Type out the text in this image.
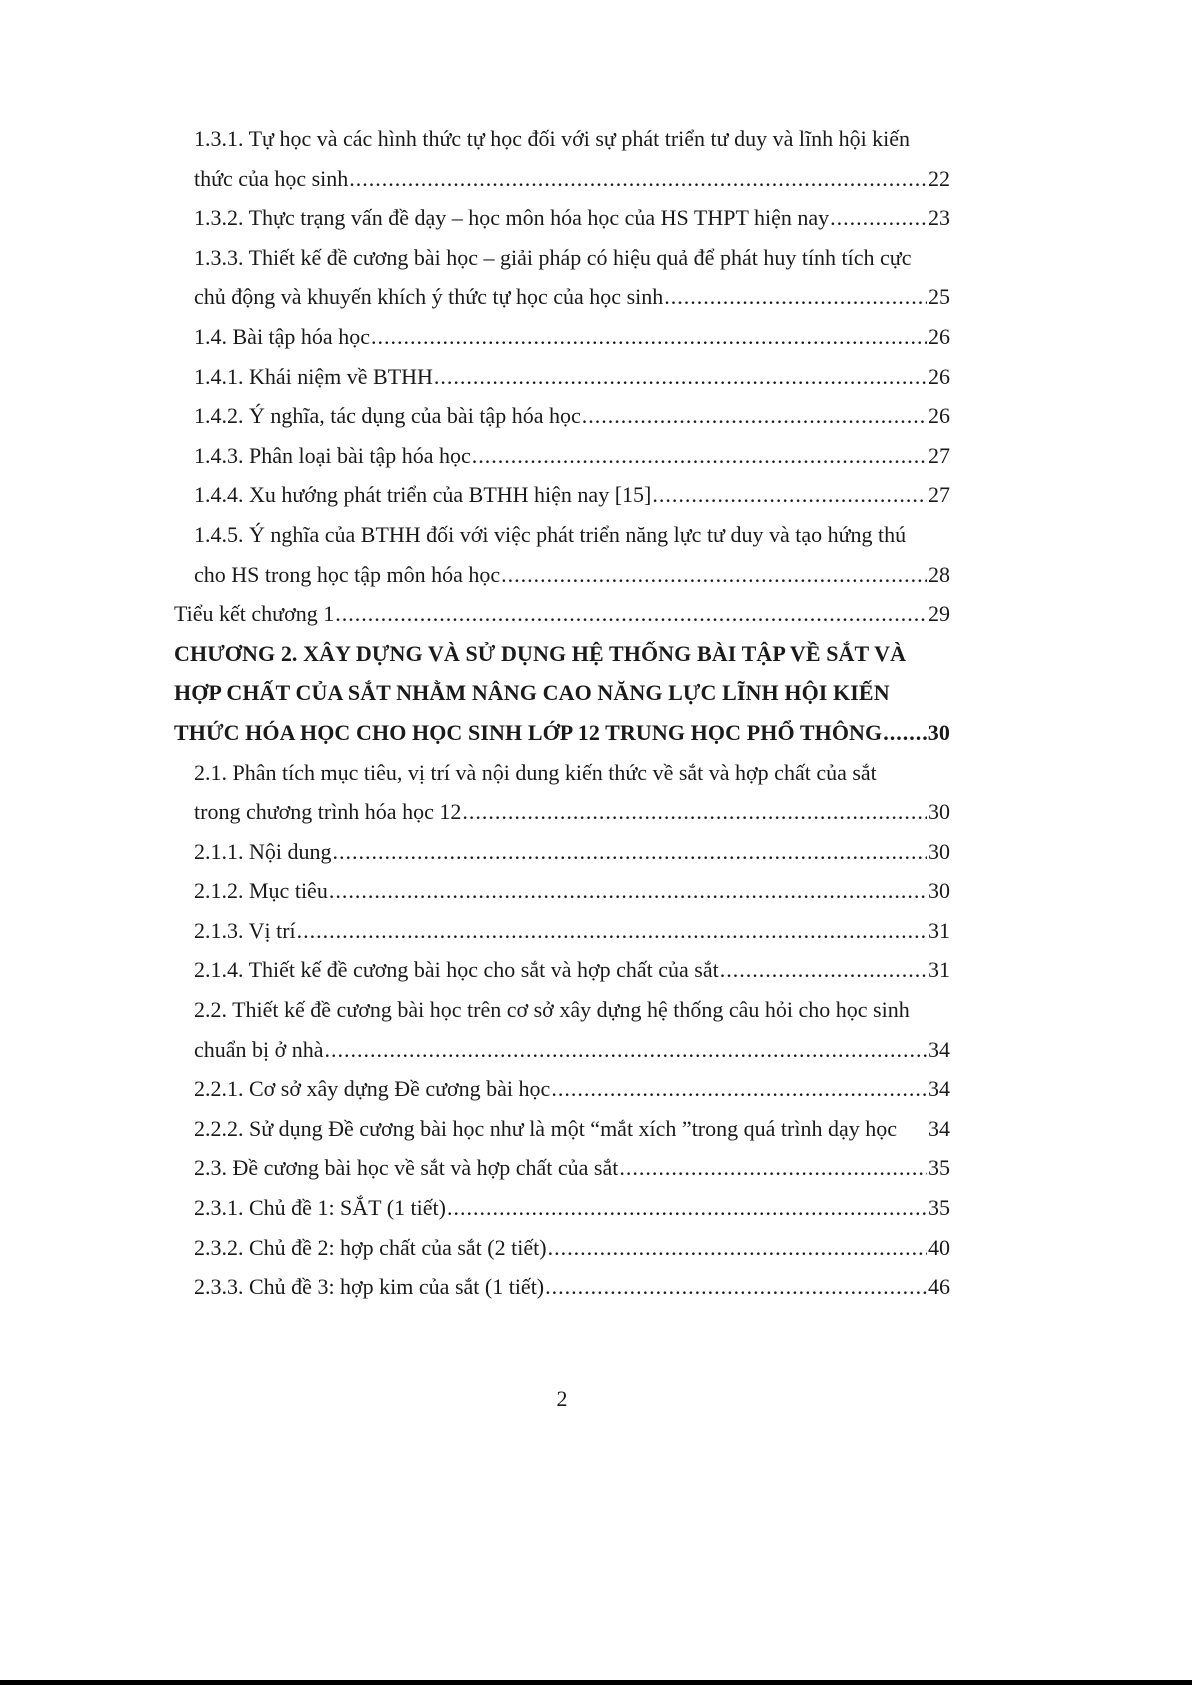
1.3.1. Tự học và các hình thức tự học đối với sự phát triển tư duy và lĩnh hội kiến
thức của học sinh .....	22
1.3.2. Thực trạng vấn đề dạy – học môn hóa học của HS THPT hiện nay .....	23
1.3.3. Thiết kế đề cương bài học – giải pháp có hiệu quả để phát huy tính tích cực
chủ động và khuyến khích ý thức tự học của học sinh .....	25
1.4. Bài tập hóa học .....	26
1.4.1. Khái niệm về BTHH .....	26
1.4.2. Ý nghĩa, tác dụng của bài tập hóa học .....	26
1.4.3. Phân loại bài tập hóa học .....	27
1.4.4. Xu hướng phát triển của BTHH hiện nay [15] .....	27
1.4.5. Ý nghĩa của BTHH đối với việc phát triển năng lực tư duy và tạo hứng thú
cho HS trong học tập môn hóa học .....	28
Tiểu kết chương 1 .....	29
CHƯƠNG 2. XÂY DỰNG VÀ SỬ DỤNG HỆ THỐNG BÀI TẬP VỀ SẮT VÀ
HỢP CHẤT CỦA SẮT NHẰM NÂNG CAO NĂNG LỰC LĨNH HỘI KIẾN
THỨC HÓA HỌC CHO HỌC SINH LỚP 12 TRUNG HỌC PHỔ THÔNG ..... 30
2.1. Phân tích mục tiêu, vị trí và nội dung kiến thức về sắt và hợp chất của sắt
trong chương trình hóa học 12 .....	30
2.1.1. Nội dung .....	30
2.1.2. Mục tiêu .....	30
2.1.3. Vị trí .....	31
2.1.4. Thiết kế đề cương bài học cho sắt và hợp chất của sắt .....	31
2.2. Thiết kế đề cương bài học trên cơ sở xây dựng hệ thống câu hỏi cho học sinh
chuẩn bị ở nhà .....	34
2.2.1. Cơ sở xây dựng Đề cương bài học .....	34
2.2.2. Sử dụng Đề cương bài học như là một “mắt xích ”trong quá trình dạy học 34
2.3. Đề cương bài học về sắt và hợp chất của sắt .....	35
2.3.1. Chủ đề 1: SẮT (1 tiết) .....	35
2.3.2. Chủ đề 2: hợp chất của sắt (2 tiết) .....	40
2.3.3. Chủ đề 3: hợp kim của sắt (1 tiết) .....	46
2
